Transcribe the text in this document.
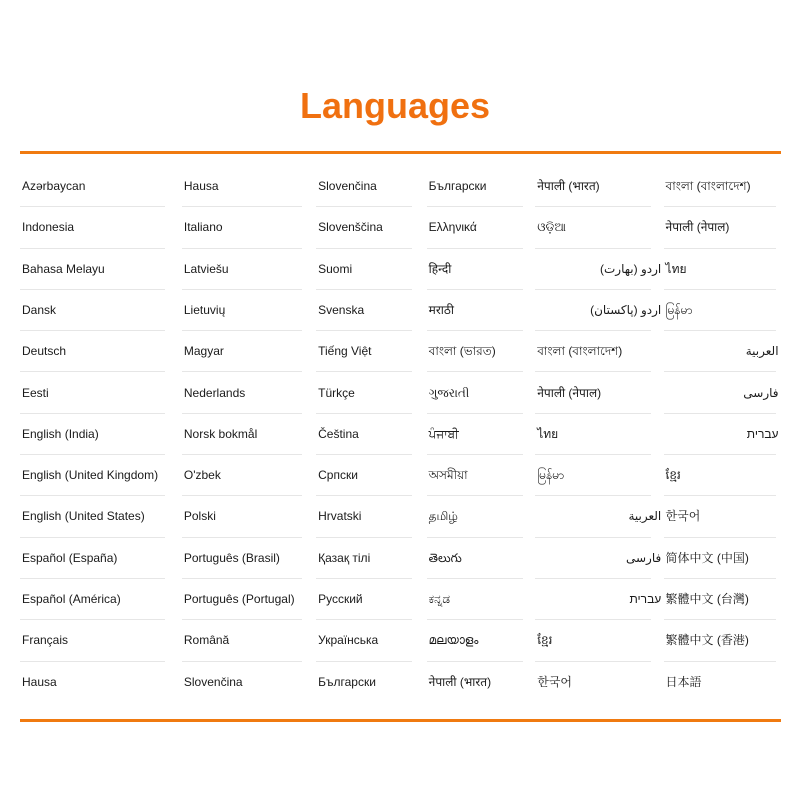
Languages
Azərbaycan
Indonesia
Bahasa Melayu
Dansk
Deutsch
Eesti
English (India)
English (United Kingdom)
English (United States)
Español (España)
Español (América)
Français
Hausa
Hausa
Italiano
Latviešu
Lietuvių
Magyar
Nederlands
Norsk bokmål
O'zbek
Polski
Português (Brasil)
Português (Portugal)
Română
Slovenčina
Slovenčina
Slovenščina
Suomi
Svenska
Tiếng Việt
Türkçe
Čeština
Српски
Hrvatski
Қазақ тілі
Русский
Українська
Български
Български
Ελληνικά
हिन्दी
मराठी
বাংলা (ভারত)
ગુજરાતી
ਪੰਜਾਬੀ
অসমীয়া
தமிழ்
తెలుగు
ಕನ್ನಡ
മലയാളം
नेपाली (भारत)
नेपाली (भारत)
ଓଡ଼ିଆ
اردو (بھارت)
اردو (پاکستان)
বাংলা (বাংলাদেশ)
नेपाली (नेपाल)
ไทย
မြန်မာ
العربية
فارسی
עברית
ខ្មែរ
한국어
বাংলা (বাংলাদেশ)
नेपाली (नेपाल)
ไทย
မြန်မာ
العربية
فارسی
עברית
ខ្មែរ
한국어
简体中文 (中国)
繁體中文 (台灣)
繁體中文 (香港)
日本語
